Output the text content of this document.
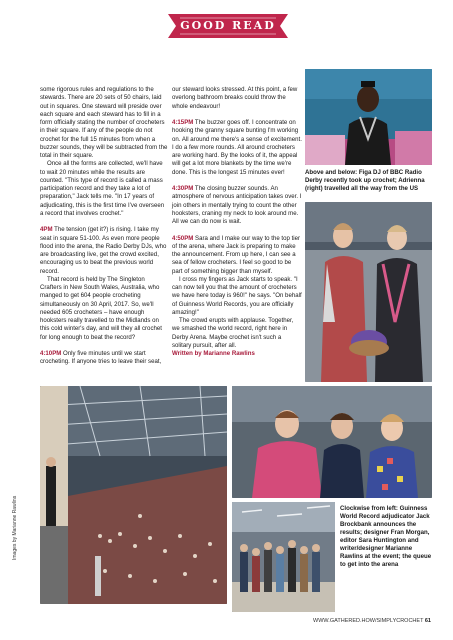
GOOD READ

some rigorous rules and regulations to the stewards. There are 20 sets of 50 chairs, laid out in squares. One steward will preside over each square and each steward has to fill in a form officially stating the number of crocheters in their square. If any of the people do not crochet for the full 15 minutes from when a buzzer sounds, they will be subtracted from the total in their square.

Once all the forms are collected, we'll have to wait 20 minutes while the results are counted. "This type of record is called a mass participation record and they take a lot of preparation," Jack tells me. "In 17 years of adjudicating, this is the first time I've overseen a record that involves crochet."

4PM The tension (get it?) is rising. I take my seat in square 51-100. As even more people flood into the arena, the Radio Derby DJs, who are broadcasting live, get the crowd excited, encouraging us to beat the previous world record.

That record is held by The Singleton Crafters in New South Wales, Australia, who manged to get 604 people crocheting simultaneously on 30 April, 2017. So, we'll needed 605 crocheters – have enough hooksters really travelled to the Midlands on this cold winter's day, and will they all crochet for long enough to beat the record?

4:10PM Only five minutes until we start crocheting. If anyone tries to leave their seat,

our steward looks stressed. At this point, a few overlong bathroom breaks could throw the whole endeavour!

4:15PM The buzzer goes off. I concentrate on hooking the granny square bunting I'm working on. All around me there's a sense of excitement. I do a few more rounds. All around crocheters are working hard. By the looks of it, the appeal will get a lot more blankets by the time we're done. This is the longest 15 minutes ever!

4:30PM The closing buzzer sounds. An atmosphere of nervous anticipation takes over. I join others in mentally trying to count the other hooksters, craning my neck to look around me. All we can do now is wait.

4:50PM Sara and I make our way to the top tier of the arena, where Jack is preparing to make the announcement. From up here, I can see a sea of fellow crocheters. I feel so good to be part of something bigger than myself.

I cross my fingers as Jack starts to speak. "I can now tell you that the amount of crocheters we have here today is 960!" he says. "On behalf of Guinness World Records, you are officially amazing!"

The crowd erupts with applause. Together, we smashed the world record, right here in Derby Arena. Maybe crochet isn't such a solitary pursuit, after all.

Written by Marianne Rawlins

Above and below: Figa DJ of BBC Radio Derby recently took up crochet; Adrienna (right) travelled all the way from the US
Images by Marianne Rawlins	Clockwise from left: Guinness World Record adjudicator Jack Brockbank announces the results; designer Fran Morgan, editor Sara Huntington and writer/designer Marianne Rawlins at the event; the queue to get into the arena
WWW.GATHERED.HOW/SIMPLYCROCHET 61
